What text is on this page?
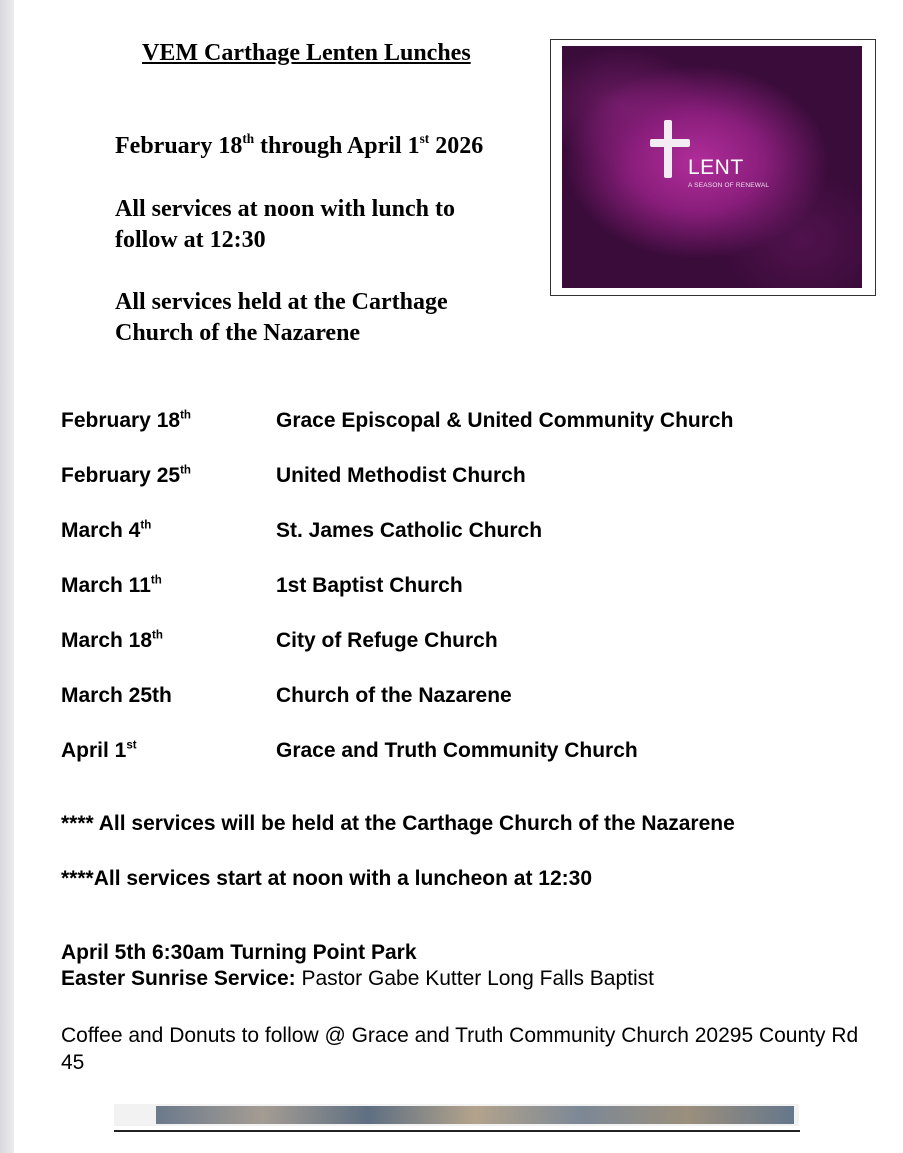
VEM Carthage Lenten Lunches
February 18th through April 1st 2026
All services at noon with lunch to
follow at 12:30
All services held at the Carthage
Church of the Nazarene
LENT
A SEASON OF RENEWAL
February 18th	Grace Episcopal & United Community Church
February 25th	United Methodist Church
March 4th	St. James Catholic Church
March 11th	1st Baptist Church
March 18th	City of Refuge Church
March 25th	Church of the Nazarene
April 1st	Grace and Truth Community Church
**** All services will be held at the Carthage Church of the Nazarene
****All services start at noon with a luncheon at 12:30
April 5th 6:30am Turning Point Park
Easter Sunrise Service: Pastor Gabe Kutter Long Falls Baptist
Coffee and Donuts to follow @ Grace and Truth Community Church 20295 County Rd 45
